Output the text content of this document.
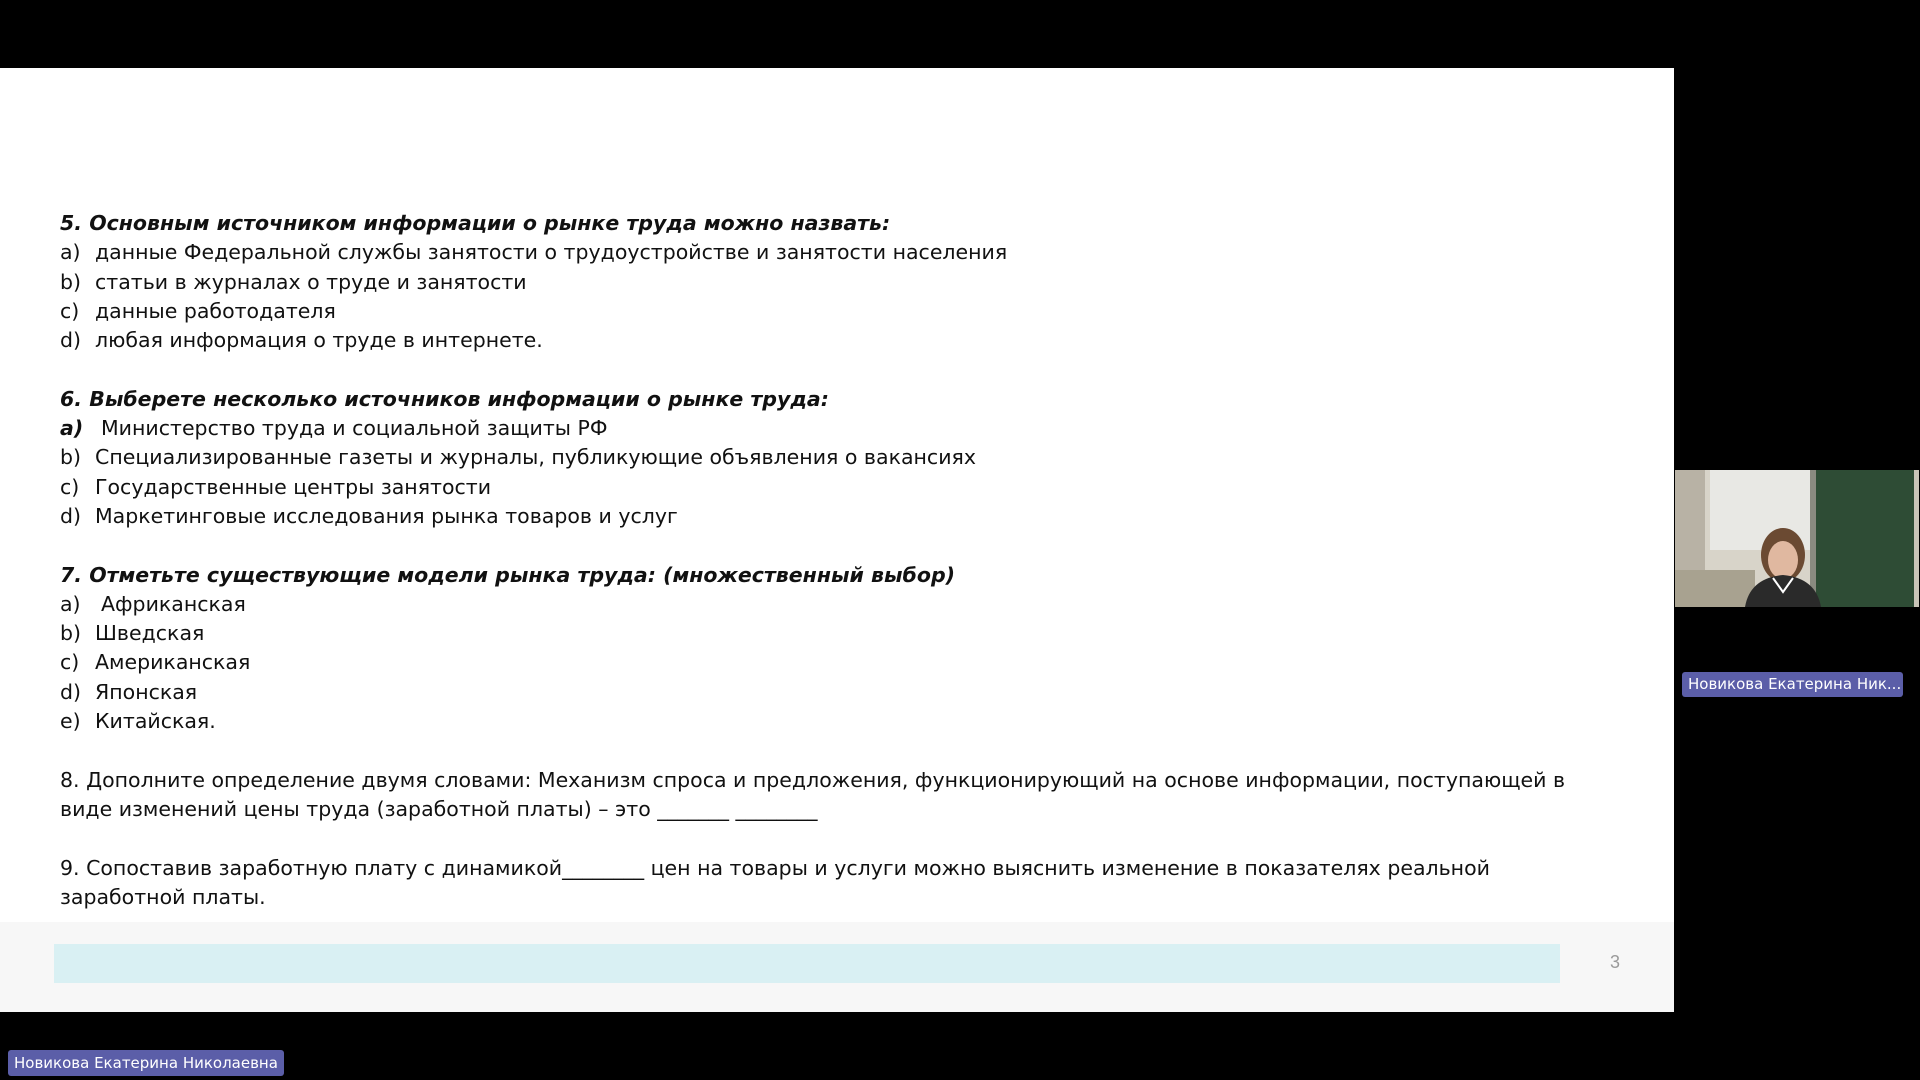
5. Основным источником информации о рынке труда можно назвать:
a) данные Федеральной службы занятости о трудоустройстве и занятости населения
b) статьи в журналах о труде и занятости
c) данные работодателя
d) любая информация о труде в интернете.
6. Выберете несколько источников информации о рынке труда:
a) Министерство труда и социальной защиты РФ
b) Специализированные газеты и журналы, публикующие объявления о вакансиях
c) Государственные центры занятости
d) Маркетинговые исследования рынка товаров и услуг
7. Отметьте существующие модели рынка труда: (множественный выбор)
a) Африканская
b) Шведская
c) Американская
d) Японская
e) Китайская.
8. Дополните определение двумя словами: Механизм спроса и предложения, функционирующий на основе информации, поступающей в виде изменений цены труда (заработной платы) – это _______ ________
9. Сопоставив заработную плату с динамикой________ цен на товары и услуги можно выяснить изменение в показателях реальной заработной платы.
3
Новикова Екатерина Ник...
Новикова Екатерина Николаевна
